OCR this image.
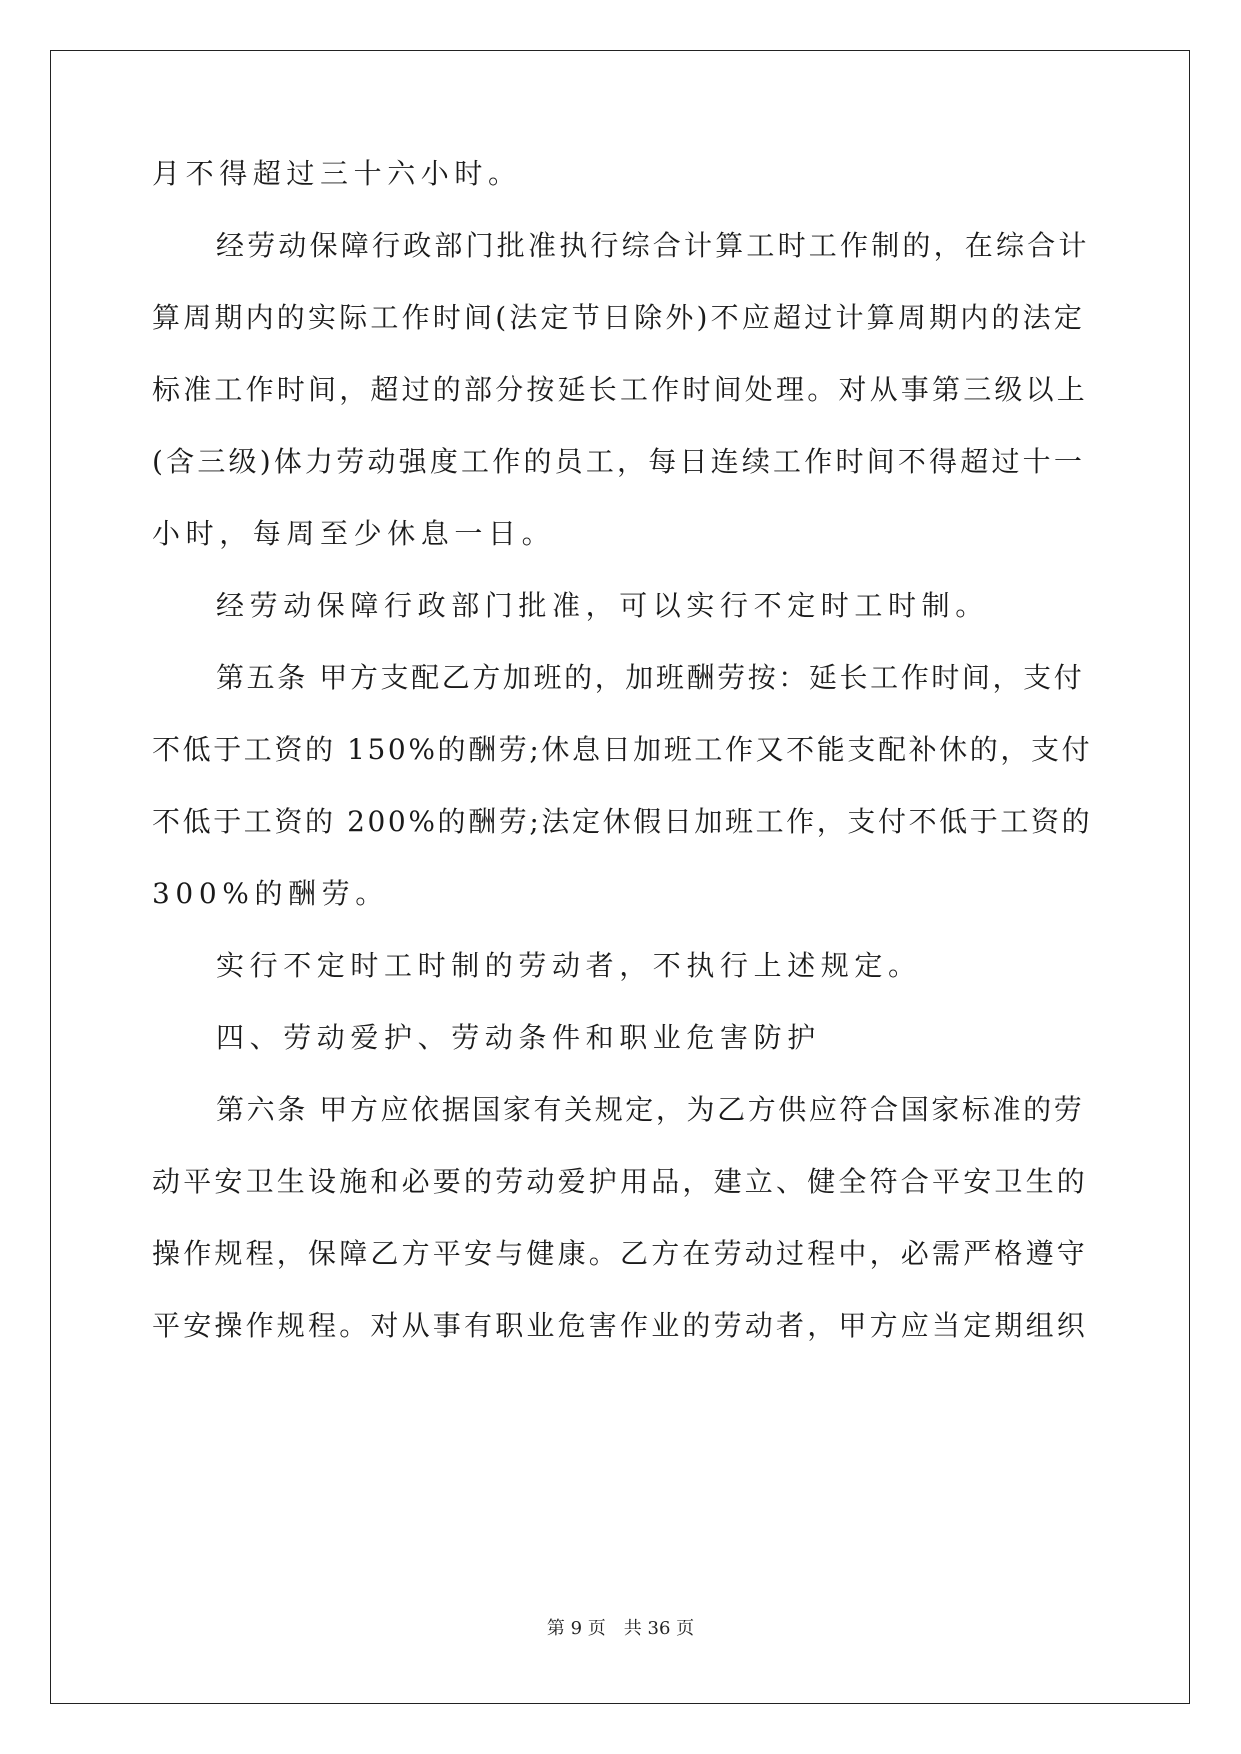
月不得超过三十六小时。
经劳动保障行政部门批准执行综合计算工时工作制的，在综合计
算周期内的实际工作时间(法定节日除外)不应超过计算周期内的法定
标准工作时间，超过的部分按延长工作时间处理。对从事第三级以上
(含三级)体力劳动强度工作的员工，每日连续工作时间不得超过十一
小时，每周至少休息一日。
经劳动保障行政部门批准，可以实行不定时工时制。
第五条 甲方支配乙方加班的，加班酬劳按：延长工作时间，支付
不低于工资的 150%的酬劳;休息日加班工作又不能支配补休的，支付
不低于工资的 200%的酬劳;法定休假日加班工作，支付不低于工资的
300%的酬劳。
实行不定时工时制的劳动者，不执行上述规定。
四、劳动爱护、劳动条件和职业危害防护
第六条 甲方应依据国家有关规定，为乙方供应符合国家标准的劳
动平安卫生设施和必要的劳动爱护用品，建立、健全符合平安卫生的
操作规程，保障乙方平安与健康。乙方在劳动过程中，必需严格遵守
平安操作规程。对从事有职业危害作业的劳动者，甲方应当定期组织
第 9 页 共 36 页
